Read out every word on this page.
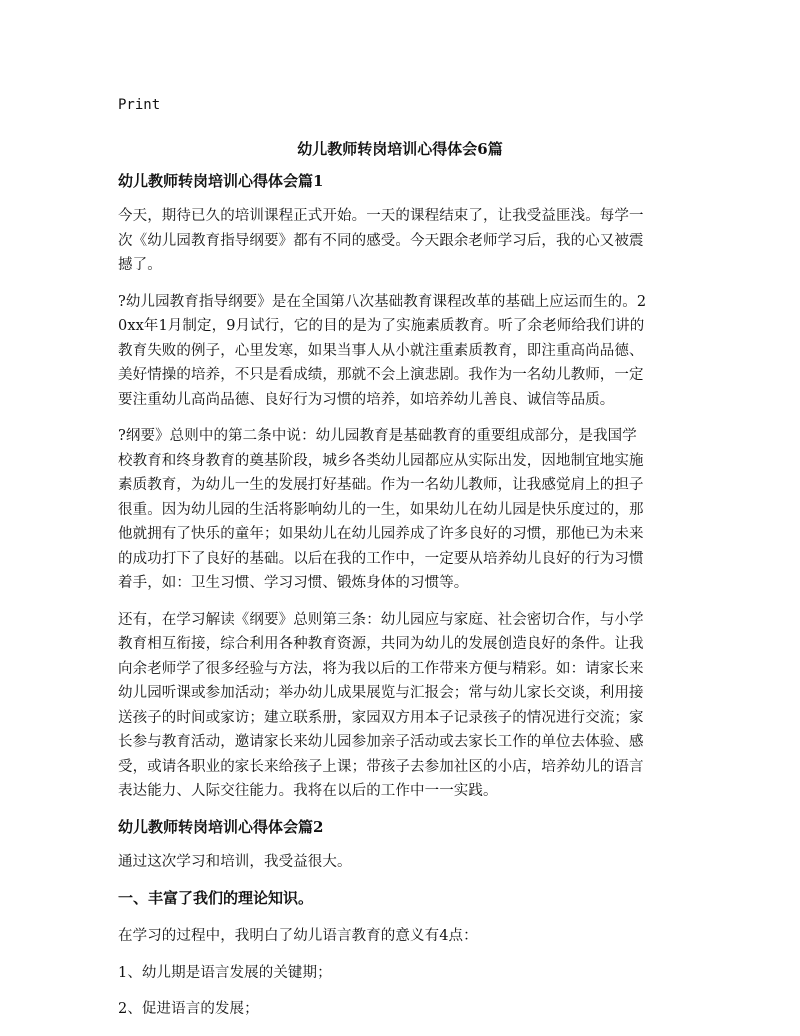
Print
幼儿教师转岗培训心得体会6篇
幼儿教师转岗培训心得体会篇1
今天，期待已久的培训课程正式开始。一天的课程结束了，让我受益匪浅。每学一
次《幼儿园教育指导纲要》都有不同的感受。今天跟余老师学习后，我的心又被震
撼了。
?幼儿园教育指导纲要》是在全国第八次基础教育课程改革的基础上应运而生的。2
0xx年1月制定，9月试行，它的目的是为了实施素质教育。听了余老师给我们讲的
教育失败的例子，心里发寒，如果当事人从小就注重素质教育，即注重高尚品德、
美好情操的培养，不只是看成绩，那就不会上演悲剧。我作为一名幼儿教师，一定
要注重幼儿高尚品德、良好行为习惯的培养，如培养幼儿善良、诚信等品质。
?纲要》总则中的第二条中说：幼儿园教育是基础教育的重要组成部分，是我国学
校教育和终身教育的奠基阶段，城乡各类幼儿园都应从实际出发，因地制宜地实施
素质教育，为幼儿一生的发展打好基础。作为一名幼儿教师，让我感觉肩上的担子
很重。因为幼儿园的生活将影响幼儿的一生，如果幼儿在幼儿园是快乐度过的，那
他就拥有了快乐的童年；如果幼儿在幼儿园养成了许多良好的习惯，那他已为未来
的成功打下了良好的基础。以后在我的工作中，一定要从培养幼儿良好的行为习惯
着手，如：卫生习惯、学习习惯、锻炼身体的习惯等。
还有，在学习解读《纲要》总则第三条：幼儿园应与家庭、社会密切合作，与小学
教育相互衔接，综合利用各种教育资源，共同为幼儿的发展创造良好的条件。让我
向余老师学了很多经验与方法，将为我以后的工作带来方便与精彩。如：请家长来
幼儿园听课或参加活动；举办幼儿成果展览与汇报会；常与幼儿家长交谈，利用接
送孩子的时间或家访；建立联系册，家园双方用本子记录孩子的情况进行交流；家
长参与教育活动，邀请家长来幼儿园参加亲子活动或去家长工作的单位去体验、感
受，或请各职业的家长来给孩子上课；带孩子去参加社区的小店，培养幼儿的语言
表达能力、人际交往能力。我将在以后的工作中一一实践。
幼儿教师转岗培训心得体会篇2
通过这次学习和培训，我受益很大。
一、丰富了我们的理论知识。
在学习的过程中，我明白了幼儿语言教育的意义有4点：
1、幼儿期是语言发展的关键期；
2、促进语言的发展；
